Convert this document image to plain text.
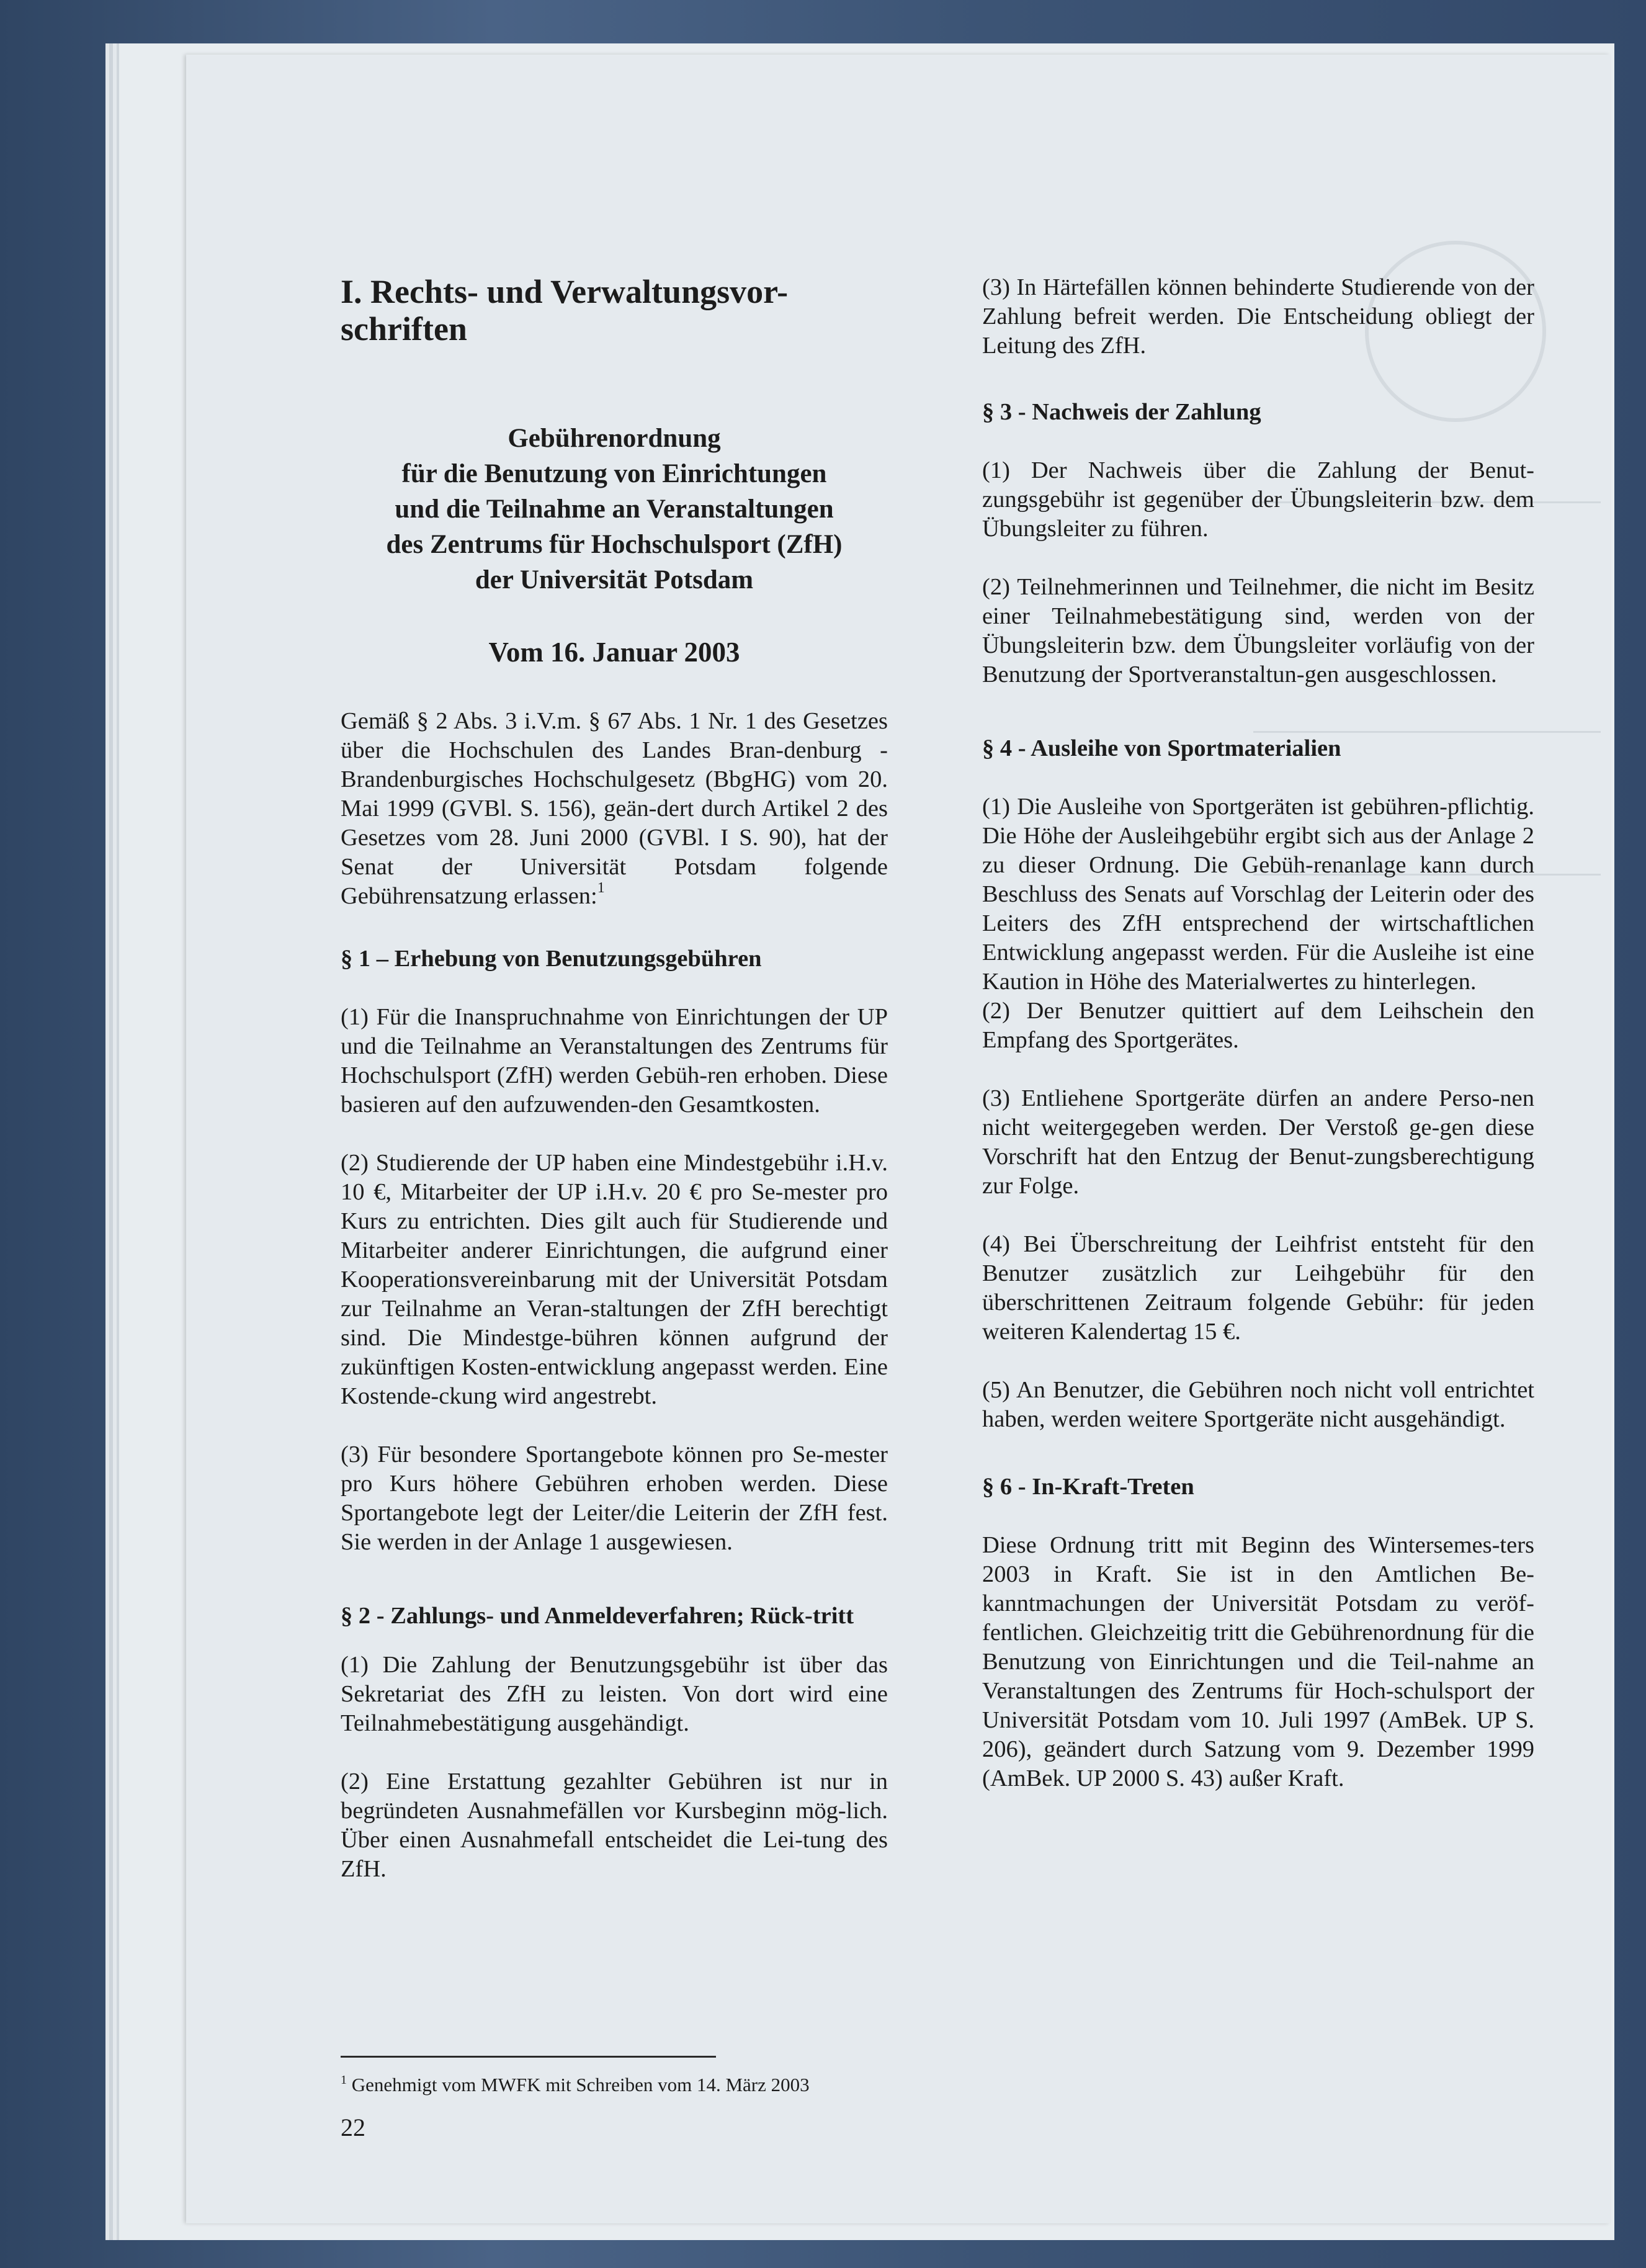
I. Rechts- und Verwaltungsvor-
schriften
Gebührenordnung
für die Benutzung von Einrichtungen
und die Teilnahme an Veranstaltungen
des Zentrums für Hochschulsport (ZfH)
der Universität Potsdam
Vom 16. Januar 2003

Gemäß § 2 Abs. 3 i.V.m. § 67 Abs. 1 Nr. 1 des Gesetzes über die Hochschulen des Landes Bran-denburg - Brandenburgisches Hochschulgesetz (BbgHG) vom 20. Mai 1999 (GVBl. S. 156), geän-dert durch Artikel 2 des Gesetzes vom 28. Juni 2000 (GVBl. I S. 90), hat der Senat der Universität Potsdam folgende Gebührensatzung erlassen:$^1$

§ 1 – Erhebung von Benutzungsgebühren

(1) Für die Inanspruchnahme von Einrichtungen der UP und die Teilnahme an Veranstaltungen des Zentrums für Hochschulsport (ZfH) werden Gebüh-ren erhoben. Diese basieren auf den aufzuwenden-den Gesamtkosten.

(2) Studierende der UP haben eine Mindestgebühr i.H.v. 10 €, Mitarbeiter der UP i.H.v. 20 € pro Se-mester pro Kurs zu entrichten. Dies gilt auch für Studierende und Mitarbeiter anderer Einrichtungen, die aufgrund einer Kooperationsvereinbarung mit der Universität Potsdam zur Teilnahme an Veran-staltungen der ZfH berechtigt sind. Die Mindestge-bühren können aufgrund der zukünftigen Kosten-entwicklung angepasst werden. Eine Kostende-ckung wird angestrebt.

(3) Für besondere Sportangebote können pro Se-mester pro Kurs höhere Gebühren erhoben werden. Diese Sportangebote legt der Leiter/die Leiterin der ZfH fest. Sie werden in der Anlage 1 ausgewiesen.

§ 2 - Zahlungs- und Anmeldeverfahren; Rück-tritt

(1) Die Zahlung der Benutzungsgebühr ist über das Sekretariat des ZfH zu leisten. Von dort wird eine Teilnahmebestätigung ausgehändigt.

(2) Eine Erstattung gezahlter Gebühren ist nur in begründeten Ausnahmefällen vor Kursbeginn mög-lich. Über einen Ausnahmefall entscheidet die Lei-tung des ZfH.

(3) In Härtefällen können behinderte Studierende von der Zahlung befreit werden. Die Entscheidung obliegt der Leitung des ZfH.

§ 3 - Nachweis der Zahlung

(1) Der Nachweis über die Zahlung der Benut-zungsgebühr ist gegenüber der Übungsleiterin bzw. dem Übungsleiter zu führen.

(2) Teilnehmerinnen und Teilnehmer, die nicht im Besitz einer Teilnahmebestätigung sind, werden von der Übungsleiterin bzw. dem Übungsleiter vorläufig von der Benutzung der Sportveranstaltun-gen ausgeschlossen.

§ 4 - Ausleihe von Sportmaterialien

(1) Die Ausleihe von Sportgeräten ist gebühren-pflichtig. Die Höhe der Ausleihgebühr ergibt sich aus der Anlage 2 zu dieser Ordnung. Die Gebüh-renanlage kann durch Beschluss des Senats auf Vorschlag der Leiterin oder des Leiters des ZfH entsprechend der wirtschaftlichen Entwicklung angepasst werden. Für die Ausleihe ist eine Kaution in Höhe des Materialwertes zu hinterlegen.

(2) Der Benutzer quittiert auf dem Leihschein den Empfang des Sportgerätes.

(3) Entliehene Sportgeräte dürfen an andere Perso-nen nicht weitergegeben werden. Der Verstoß ge-gen diese Vorschrift hat den Entzug der Benut-zungsberechtigung zur Folge.

(4) Bei Überschreitung der Leihfrist entsteht für den Benutzer zusätzlich zur Leihgebühr für den überschrittenen Zeitraum folgende Gebühr: für jeden weiteren Kalendertag 15 €.

(5) An Benutzer, die Gebühren noch nicht voll entrichtet haben, werden weitere Sportgeräte nicht ausgehändigt.

§ 6 - In-Kraft-Treten

Diese Ordnung tritt mit Beginn des Wintersemes-ters 2003 in Kraft. Sie ist in den Amtlichen Be-kanntmachungen der Universität Potsdam zu veröf-fentlichen. Gleichzeitig tritt die Gebührenordnung für die Benutzung von Einrichtungen und die Teil-nahme an Veranstaltungen des Zentrums für Hoch-schulsport der Universität Potsdam vom 10. Juli 1997 (AmBek. UP S. 206), geändert durch Satzung vom 9. Dezember 1999 (AmBek. UP 2000 S. 43) außer Kraft.

$^1$ Genehmigt vom MWFK mit Schreiben vom 14. März 2003
22
